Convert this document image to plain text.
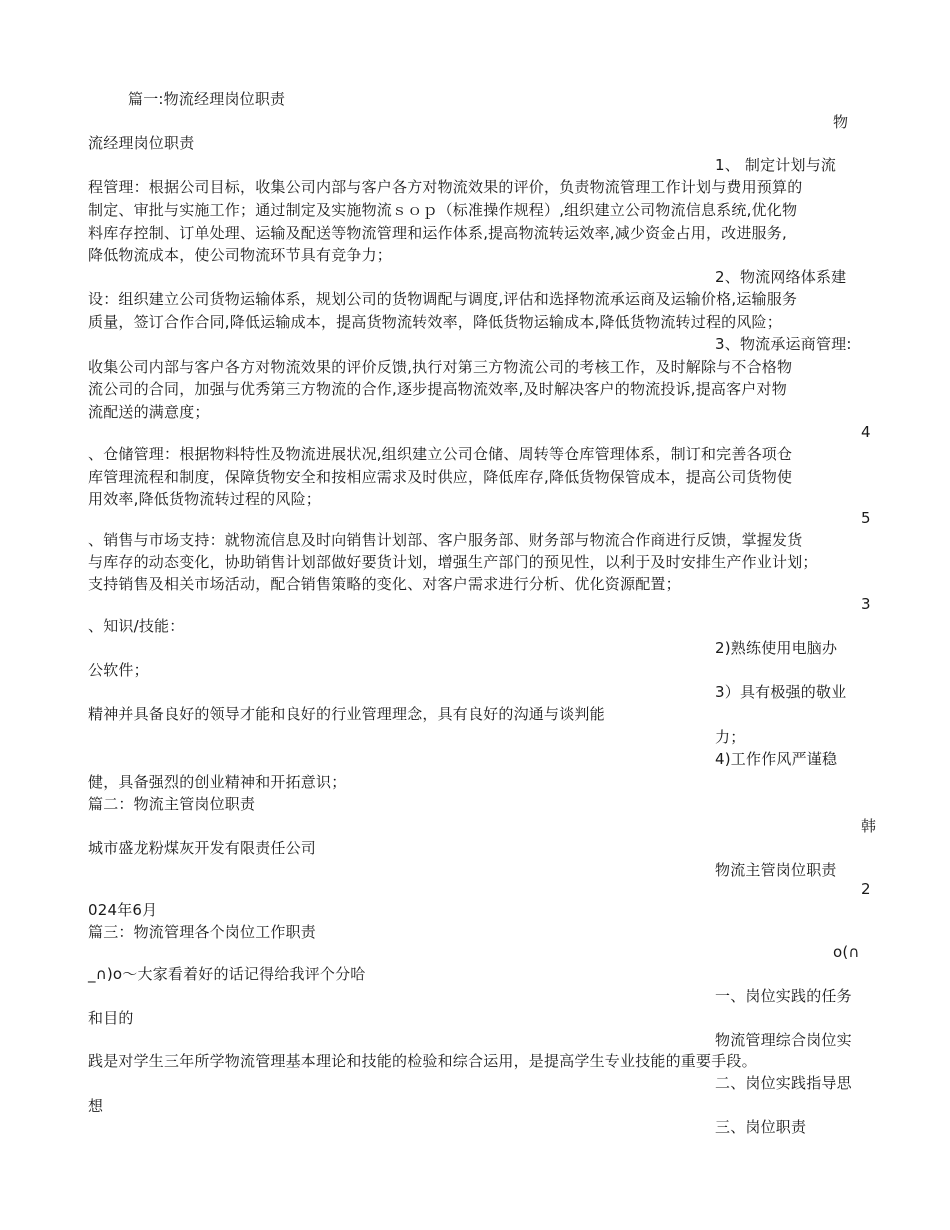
篇一:物流经理岗位职责
物
流经理岗位职责
1、 制定计划与流
程管理：根据公司目标，收集公司内部与客户各方对物流效果的评价，负责物流管理工作计划与费用预算的
制定、审批与实施工作；通过制定及实施物流ｓｏｐ（标准操作规程）,组织建立公司物流信息系统,优化物
料库存控制、订单处理、运输及配送等物流管理和运作体系,提高物流转运效率,减少资金占用，改进服务,
降低物流成本，使公司物流环节具有竞争力；
2、物流网络体系建
设：组织建立公司货物运输体系，规划公司的货物调配与调度,评估和选择物流承运商及运输价格,运输服务
质量，签订合作合同,降低运输成本，提高货物流转效率，降低货物运输成本,降低货物流转过程的风险；
3、物流承运商管理:
收集公司内部与客户各方对物流效果的评价反馈,执行对第三方物流公司的考核工作，及时解除与不合格物
流公司的合同，加强与优秀第三方物流的合作,逐步提高物流效率,及时解决客户的物流投诉,提高客户对物
流配送的满意度；
4
、仓储管理：根据物料特性及物流进展状况,组织建立公司仓储、周转等仓库管理体系，制订和完善各项仓
库管理流程和制度，保障货物安全和按相应需求及时供应，降低库存,降低货物保管成本，提高公司货物使
用效率,降低货物流转过程的风险；
5
、销售与市场支持：就物流信息及时向销售计划部、客户服务部、财务部与物流合作商进行反馈，掌握发货
与库存的动态变化，协助销售计划部做好要货计划，增强生产部门的预见性，以利于及时安排生产作业计划；
支持销售及相关市场活动，配合销售策略的变化、对客户需求进行分析、优化资源配置；
3
、知识/技能：
2)熟练使用电脑办
公软件；
3）具有极强的敬业
精神并具备良好的领导才能和良好的行业管理理念，具有良好的沟通与谈判能
力；
4)工作作风严谨稳
健，具备强烈的创业精神和开拓意识；
篇二：物流主管岗位职责
韩
城市盛龙粉煤灰开发有限责任公司
物流主管岗位职责
2
024年6月
篇三：物流管理各个岗位工作职责
o(∩
_∩)o～大家看着好的话记得给我评个分哈
一、岗位实践的任务
和目的
物流管理综合岗位实
践是对学生三年所学物流管理基本理论和技能的检验和综合运用，是提高学生专业技能的重要手段。
二、岗位实践指导思
想
三、岗位职责
